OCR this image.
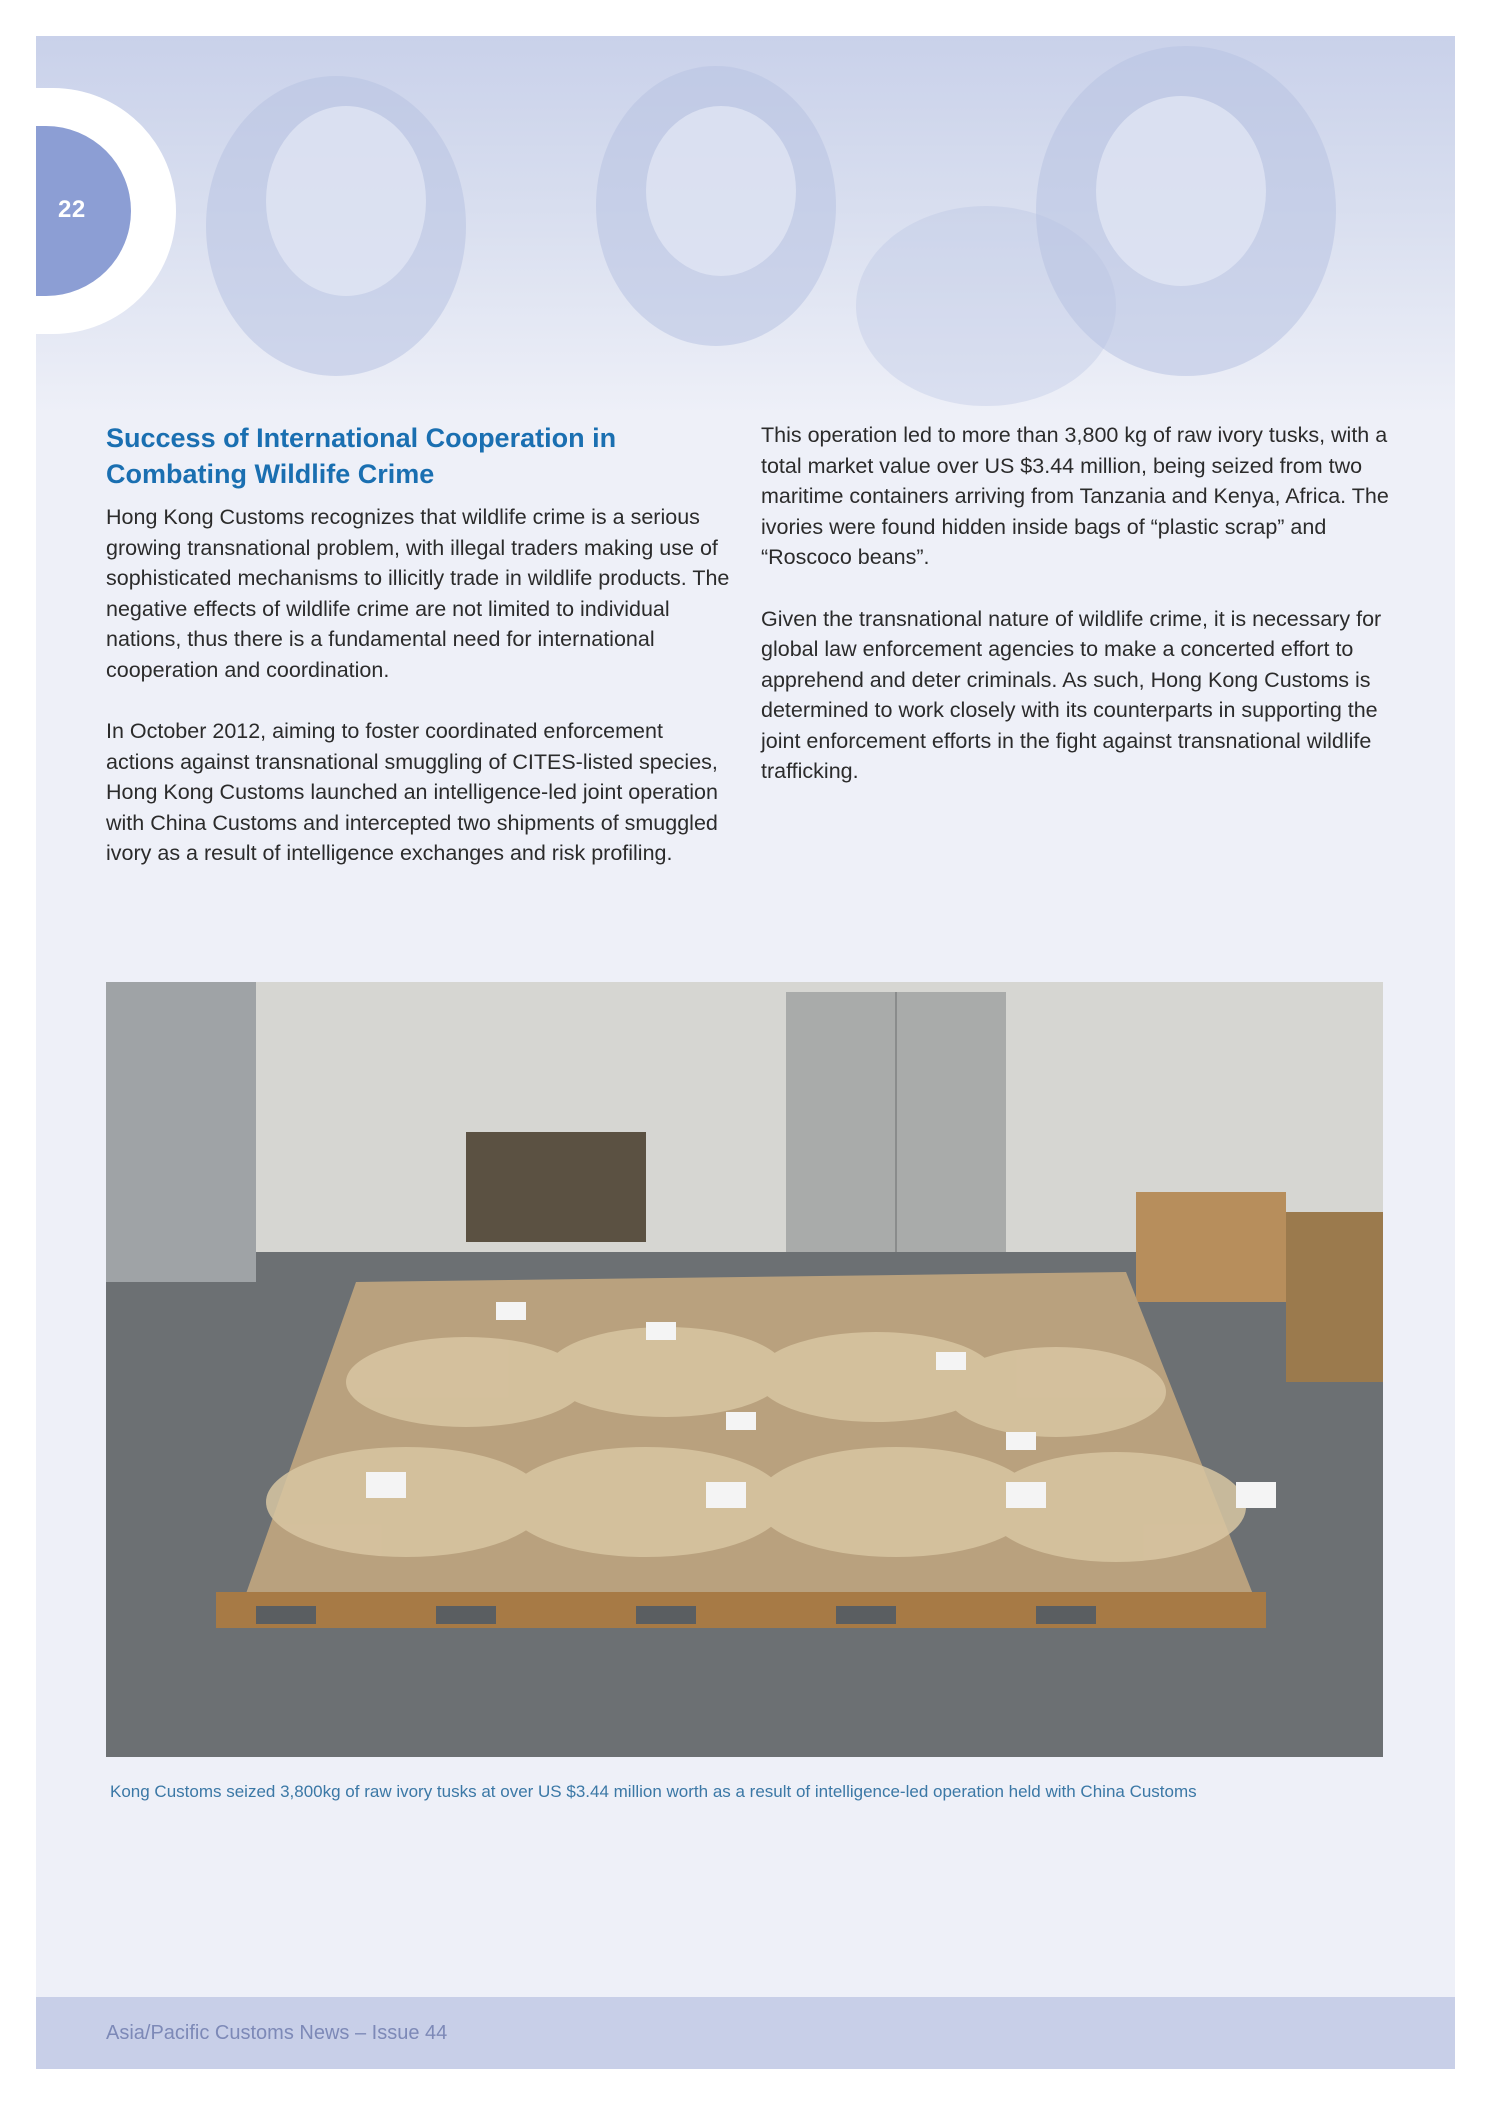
22
Success of International Cooperation in Combating Wildlife Crime

Hong Kong Customs recognizes that wildlife crime is a serious growing transnational problem, with illegal traders making use of sophisticated mechanisms to illicitly trade in wildlife products. The negative effects of wildlife crime are not limited to individual nations, thus there is a fundamental need for international cooperation and coordination.

In October 2012, aiming to foster coordinated enforcement actions against transnational smuggling of CITES-listed species, Hong Kong Customs launched an intelligence-led joint operation with China Customs and intercepted two shipments of smuggled ivory as a result of intelligence exchanges and risk profiling.

This operation led to more than 3,800 kg of raw ivory tusks, with a total market value over US $3.44 million, being seized from two maritime containers arriving from Tanzania and Kenya, Africa. The ivories were found hidden inside bags of “plastic scrap” and “Roscoco beans”.

Given the transnational nature of wildlife crime, it is necessary for global law enforcement agencies to make a concerted effort to apprehend and deter criminals. As such, Hong Kong Customs is determined to work closely with its counterparts in supporting the joint enforcement efforts in the fight against transnational wildlife trafficking.

Kong Customs seized 3,800kg of raw ivory tusks at over US $3.44 million worth as a result of intelligence-led operation held with China Customs
Asia/Pacific Customs News – Issue 44
